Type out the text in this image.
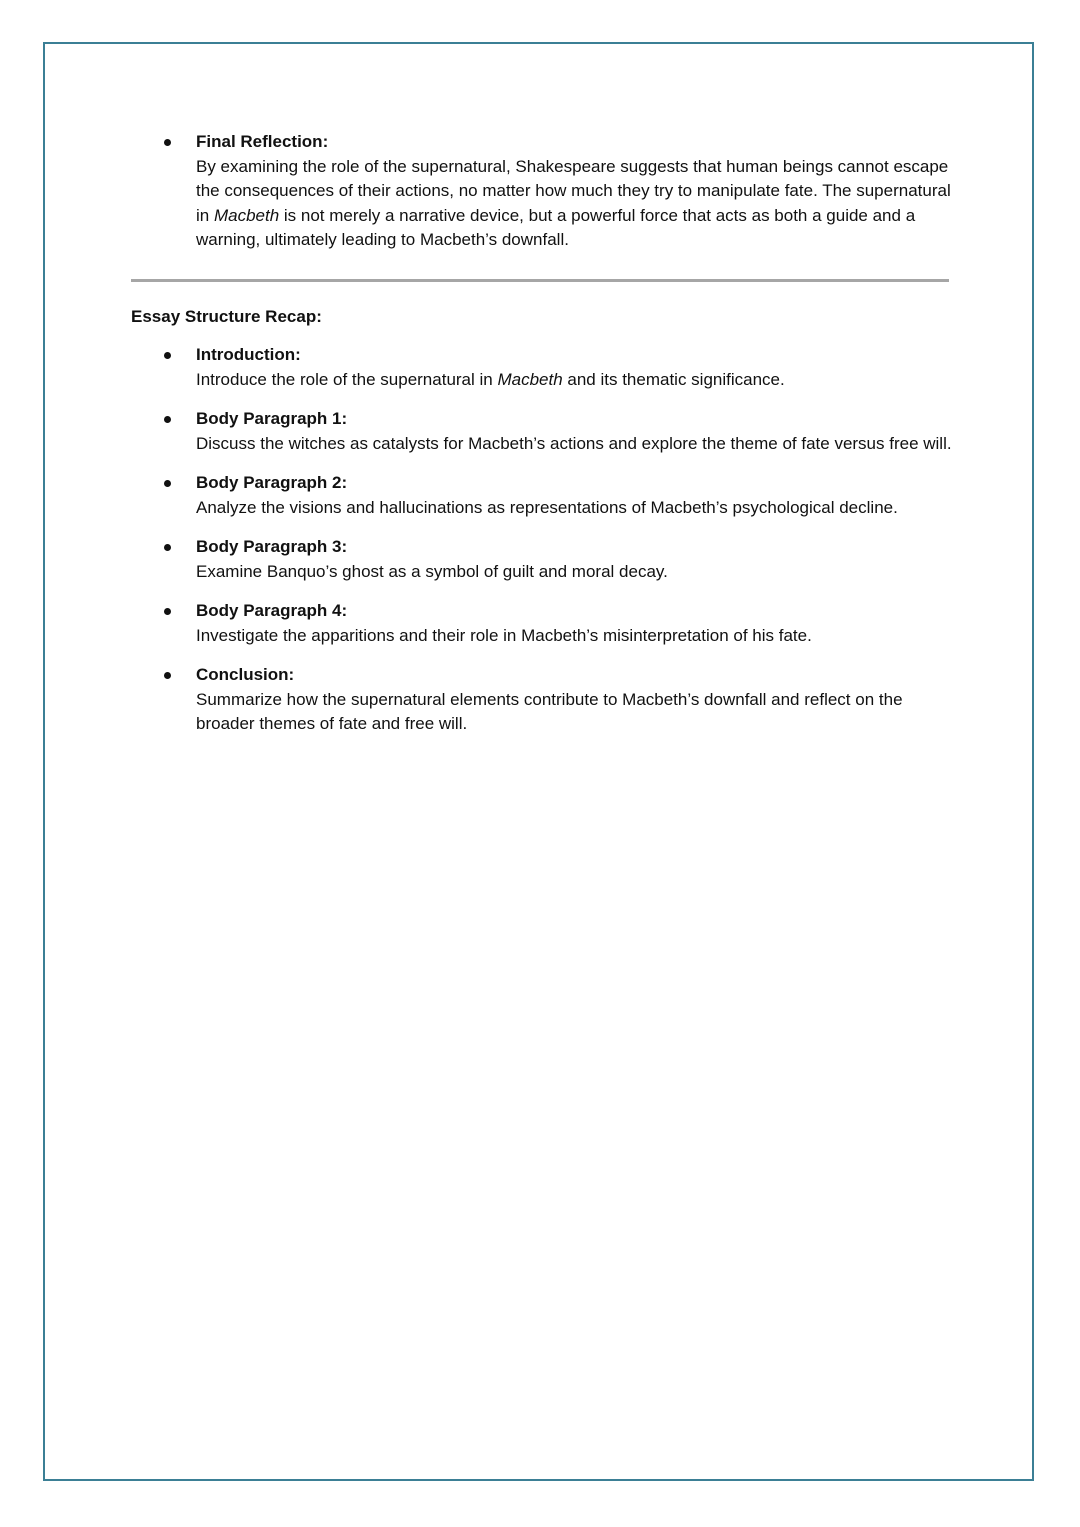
Final Reflection:
By examining the role of the supernatural, Shakespeare suggests that human beings cannot escape the consequences of their actions, no matter how much they try to manipulate fate. The supernatural in Macbeth is not merely a narrative device, but a powerful force that acts as both a guide and a warning, ultimately leading to Macbeth’s downfall.
Essay Structure Recap:
Introduction:
Introduce the role of the supernatural in Macbeth and its thematic significance.
Body Paragraph 1:
Discuss the witches as catalysts for Macbeth’s actions and explore the theme of fate versus free will.
Body Paragraph 2:
Analyze the visions and hallucinations as representations of Macbeth’s psychological decline.
Body Paragraph 3:
Examine Banquo’s ghost as a symbol of guilt and moral decay.
Body Paragraph 4:
Investigate the apparitions and their role in Macbeth’s misinterpretation of his fate.
Conclusion:
Summarize how the supernatural elements contribute to Macbeth’s downfall and reflect on the broader themes of fate and free will.
